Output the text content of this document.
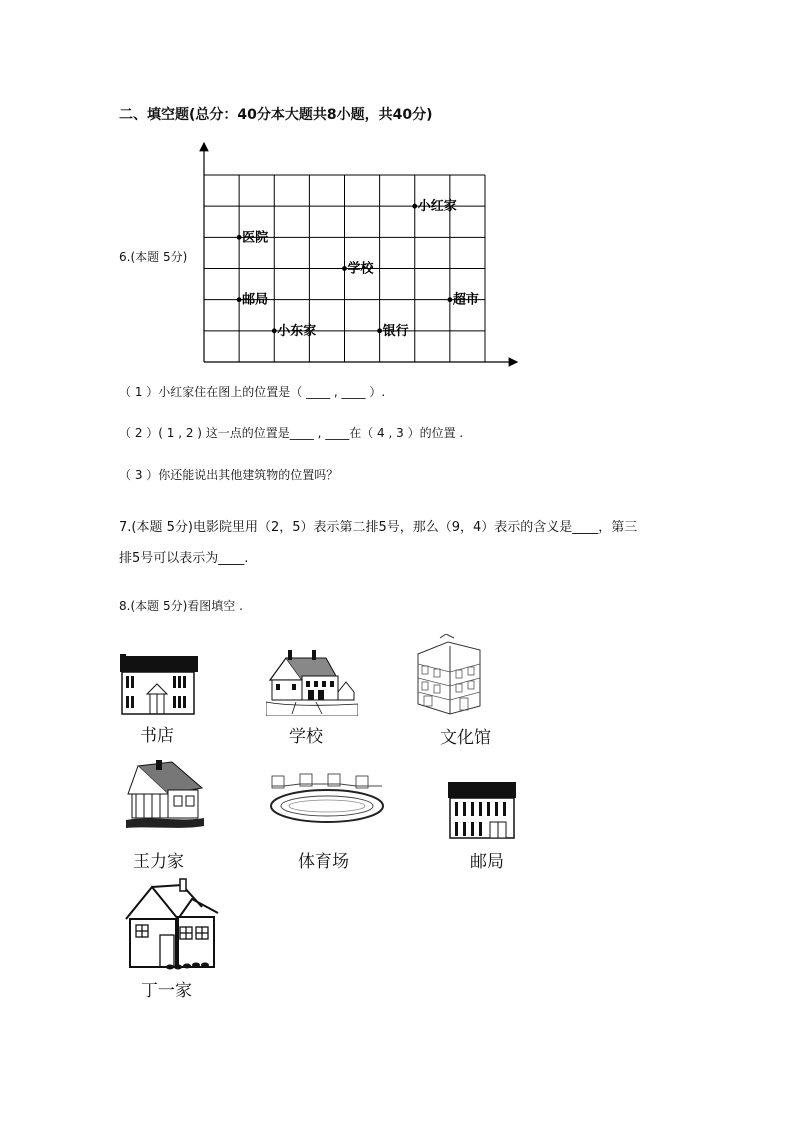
二、填空题(总分：40分本大题共8小题，共40分)
6.(本题 5分)
小红家
医院
学校
邮局	超市
小东家	银行
（ 1 ）小红家住在图上的位置是（ ____ , ____ ）.
（ 2 ）( 1 , 2 ) 这一点的位置是____ , ____在（ 4 , 3 ）的位置 .
（ 3 ）你还能说出其他建筑物的位置吗？
7.(本题 5分)电影院里用（2，5）表示第二排5号，那么（9，4）表示的含义是____，第三
排5号可以表示为____.
8.(本题 5分)看图填空 .
书店	学校	文化馆
王力家	体育场	邮局
丁一家
